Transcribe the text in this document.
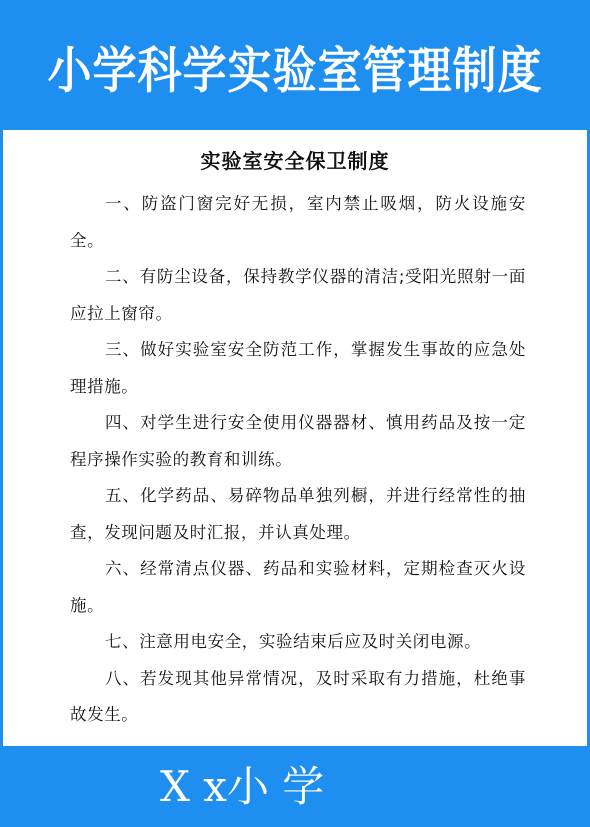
小学科学实验室管理制度
实验室安全保卫制度

一、防盗门窗完好无损，室内禁止吸烟，防火设施安全。

二、有防尘设备，保持教学仪器的清洁;受阳光照射一面应拉上窗帘。

三、做好实验室安全防范工作，掌握发生事故的应急处理措施。

四、对学生进行安全使用仪器器材、慎用药品及按一定程序操作实验的教育和训练。

五、化学药品、易碎物品单独列橱，并进行经常性的抽查，发现问题及时汇报，并认真处理。

六、经常清点仪器、药品和实验材料，定期检查灭火设施。

七、注意用电安全，实验结束后应及时关闭电源。

八、若发现其他异常情况，及时采取有力措施，杜绝事故发生。

X x小 学
